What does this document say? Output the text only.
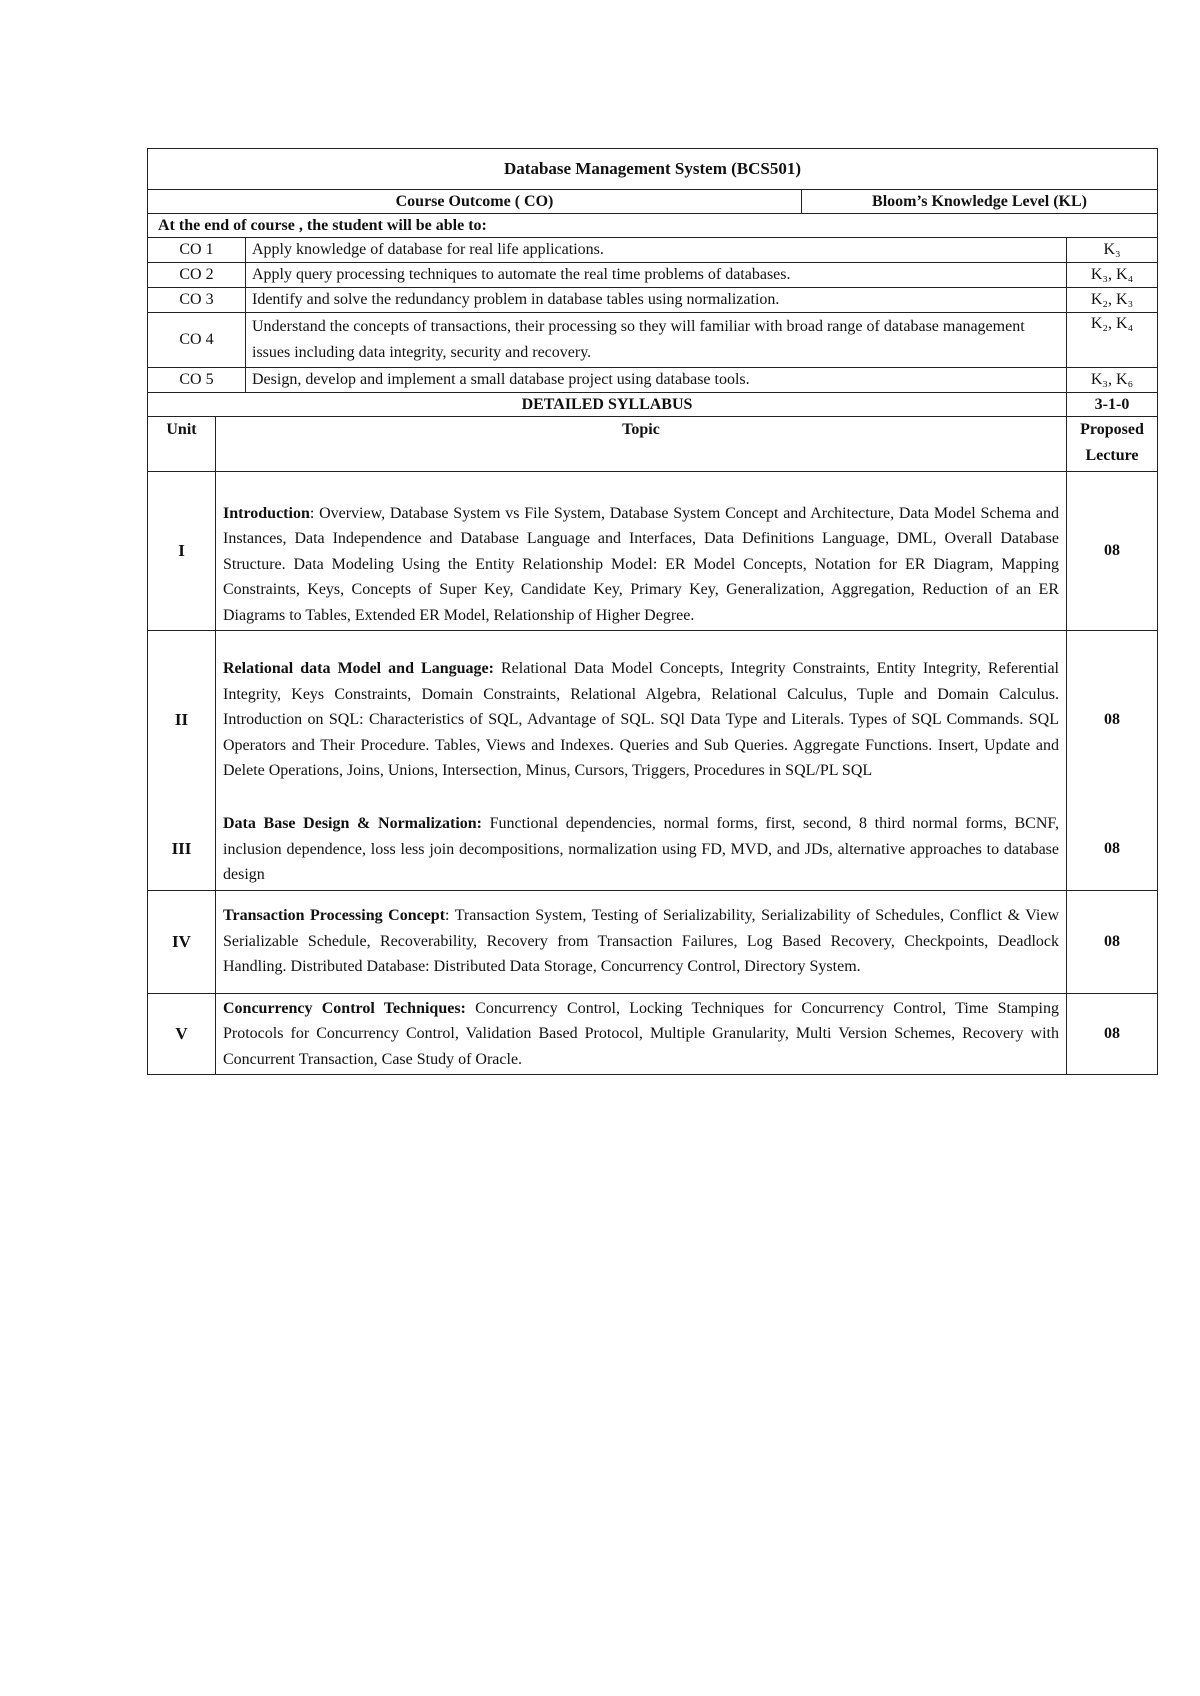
Database Management System (BCS501)				
Course Outcome ( CO)			Bloom’s Knowledge Level (KL)	
At the end of course , the student will be able to:				
CO 1		Apply knowledge of database for real life applications.		K₃
CO 2		Apply query processing techniques to automate the real time problems of databases.		K₃, K₄
CO 3		Identify and solve the redundancy problem in database tables using normalization.		K₂, K₃
CO 4		Understand the concepts of transactions, their processing so they will familiar with broad range of database management issues including data integrity, security and recovery.		K₂, K₄
CO 5		Design, develop and implement a small database project using database tools.		K₃, K₆
DETAILED SYLLABUS				3-1-0
Unit	Topic			Proposed Lecture
I	Introduction: Overview, Database System vs File System, Database System Concept and Architecture, Data Model Schema and Instances, Data Independence and Database Language and Interfaces, Data Definitions Language, DML, Overall Database Structure. Data Modeling Using the Entity Relationship Model: ER Model Concepts, Notation for ER Diagram, Mapping Constraints, Keys, Concepts of Super Key, Candidate Key, Primary Key, Generalization, Aggregation, Reduction of an ER Diagrams to Tables, Extended ER Model, Relationship of Higher Degree.			08
II	Relational data Model and Language: Relational Data Model Concepts, Integrity Constraints, Entity Integrity, Referential Integrity, Keys Constraints, Domain Constraints, Relational Algebra, Relational Calculus, Tuple and Domain Calculus. Introduction on SQL: Characteristics of SQL, Advantage of SQL. SQl Data Type and Literals. Types of SQL Commands. SQL Operators and Their Procedure. Tables, Views and Indexes. Queries and Sub Queries. Aggregate Functions. Insert, Update and Delete Operations, Joins, Unions, Intersection, Minus, Cursors, Triggers, Procedures in SQL/PL SQL			08
III	Data Base Design & Normalization: Functional dependencies, normal forms, first, second, 8 third normal forms, BCNF, inclusion dependence, loss less join decompositions, normalization using FD, MVD, and JDs, alternative approaches to database design			08
IV	Transaction Processing Concept: Transaction System, Testing of Serializability, Serializability of Schedules, Conflict & View Serializable Schedule, Recoverability, Recovery from Transaction Failures, Log Based Recovery, Checkpoints, Deadlock Handling. Distributed Database: Distributed Data Storage, Concurrency Control, Directory System.			08
V	Concurrency Control Techniques: Concurrency Control, Locking Techniques for Concurrency Control, Time Stamping Protocols for Concurrency Control, Validation Based Protocol, Multiple Granularity, Multi Version Schemes, Recovery with Concurrent Transaction, Case Study of Oracle.			08
